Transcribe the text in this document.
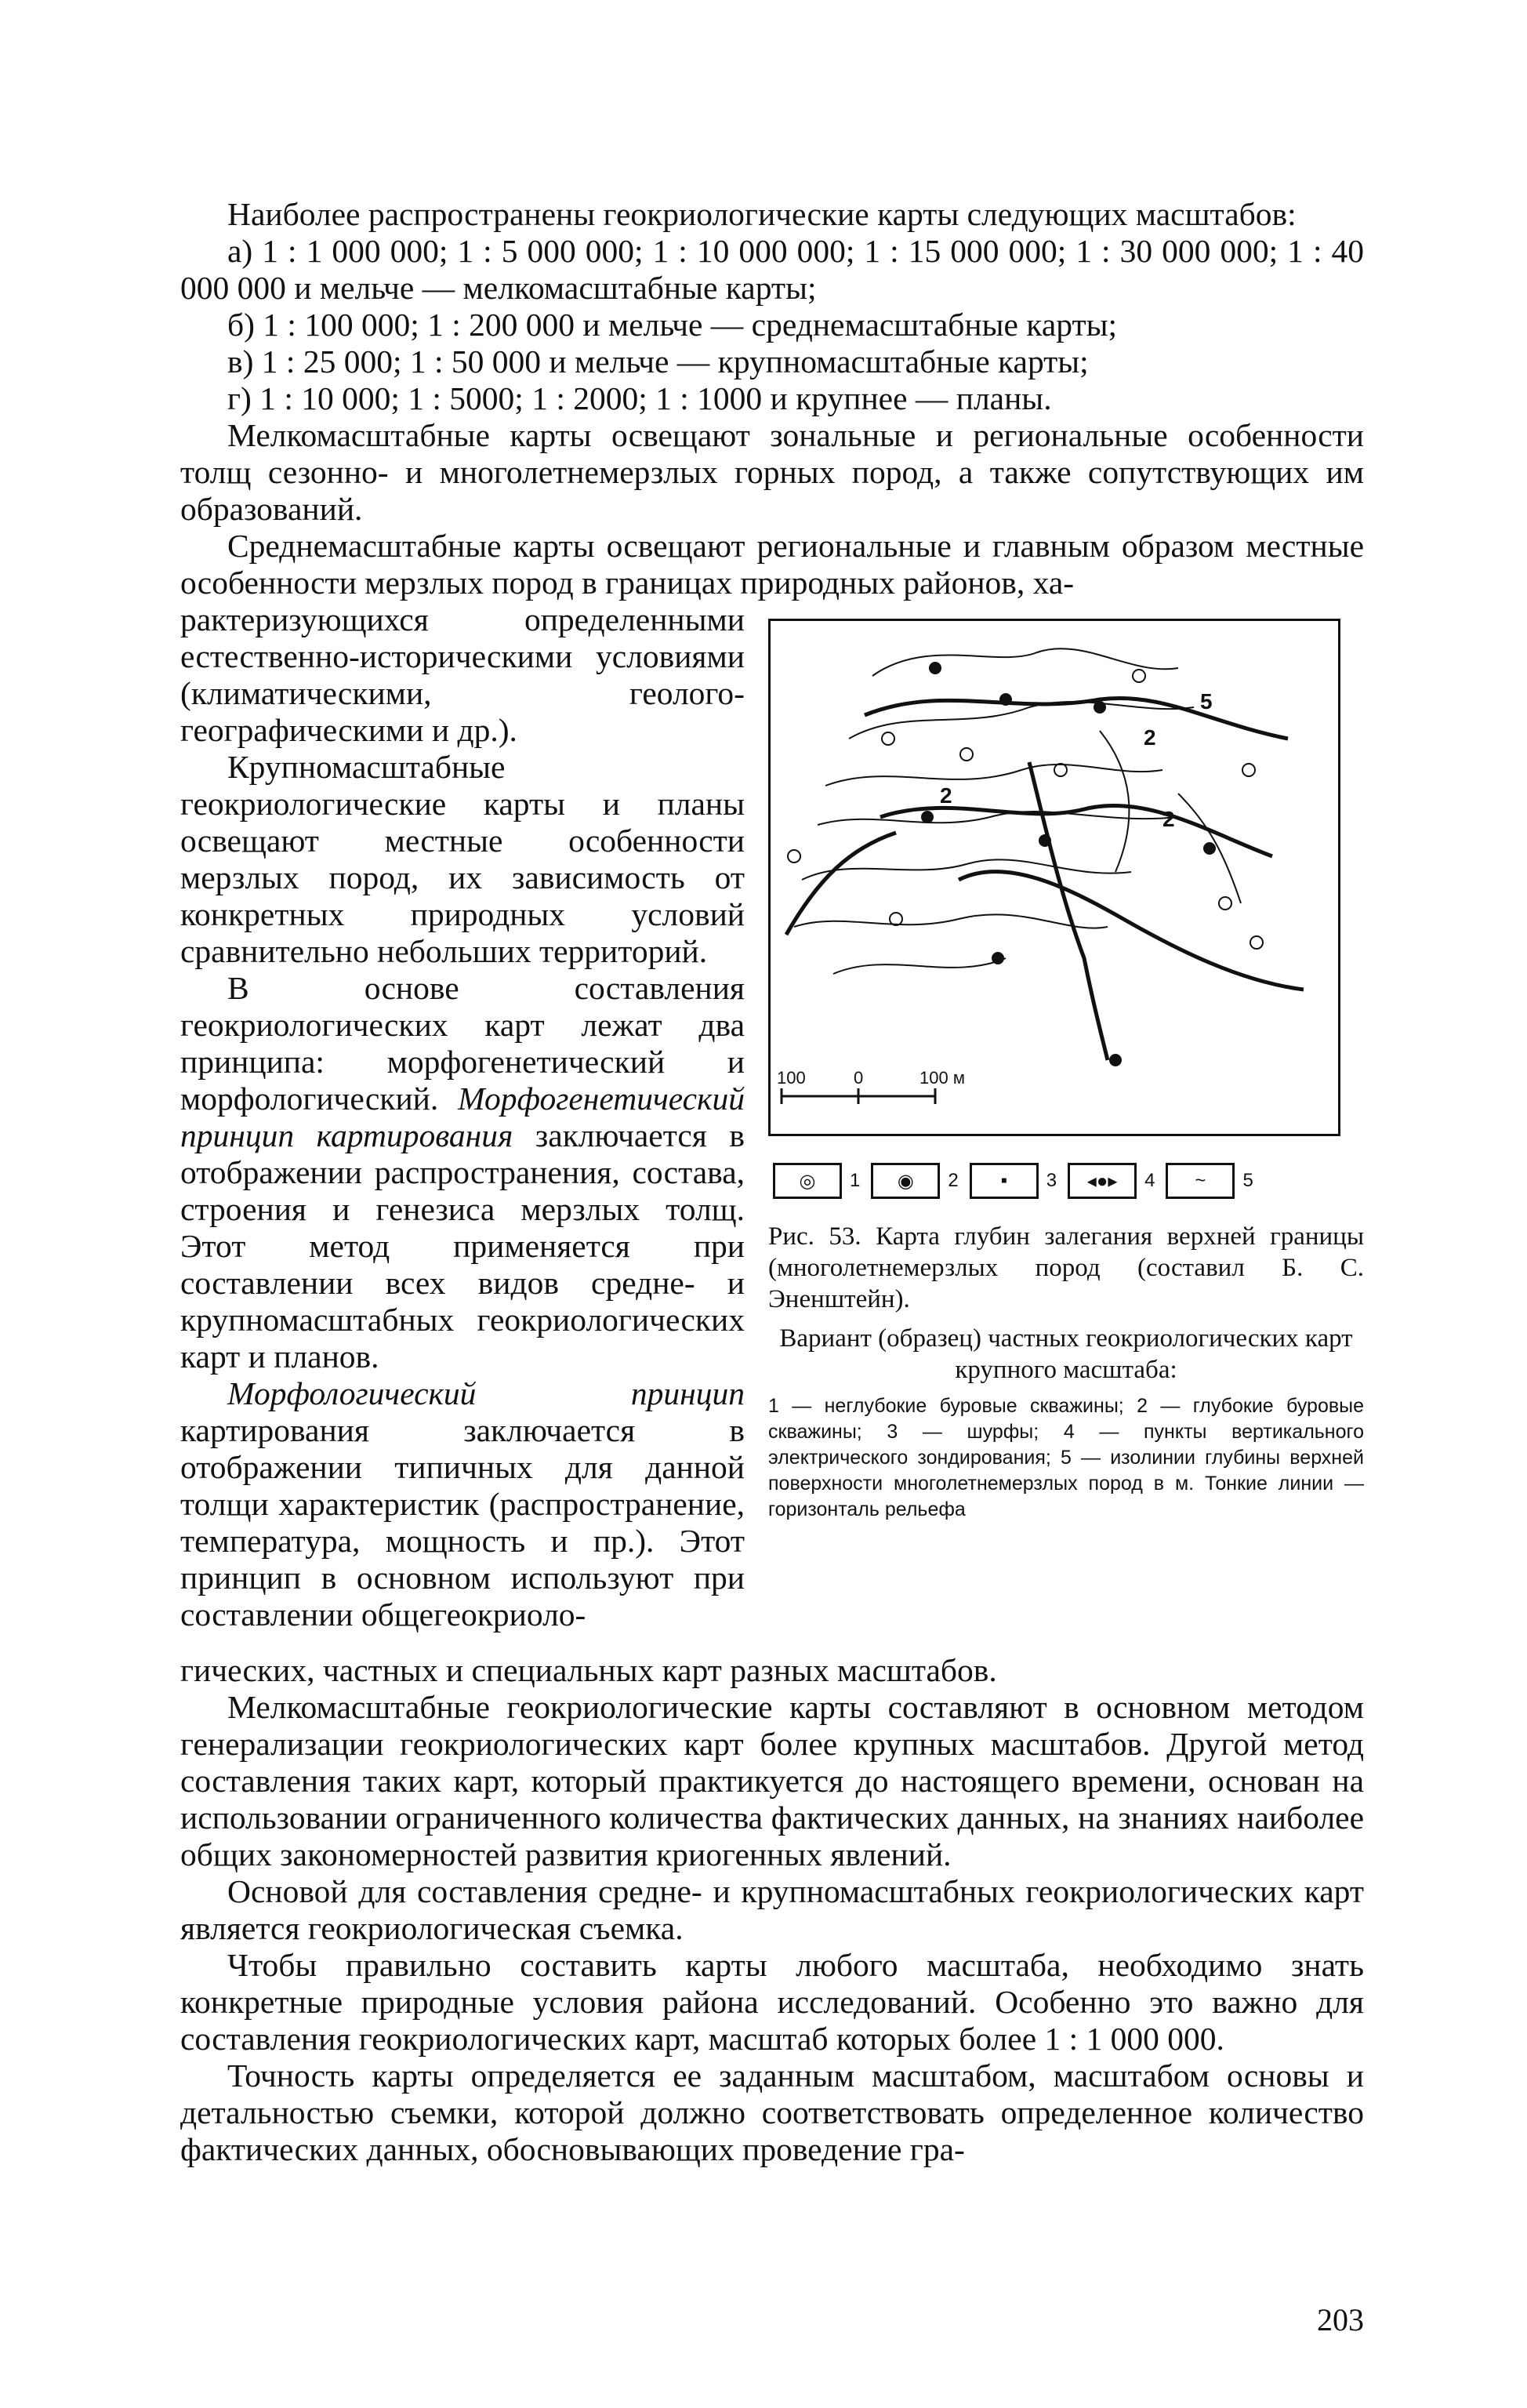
Наиболее распространены геокриологические карты следующих масштабов:

а) 1 : 1 000 000; 1 : 5 000 000; 1 : 10 000 000; 1 : 15 000 000; 1 : 30 000 000; 1 : 40 000 000 и мельче — мелкомасштабные карты;

б) 1 : 100 000; 1 : 200 000 и мельче — среднемасштабные карты;

в) 1 : 25 000; 1 : 50 000 и мельче — крупномасштабные карты;

г) 1 : 10 000; 1 : 5000; 1 : 2000; 1 : 1000 и крупнее — планы.

Мелкомасштабные карты освещают зональные и региональные особенности толщ сезонно- и многолетнемерзлых горных пород, а также сопутствующих им образований.

Среднемасштабные карты освещают региональные и главным образом местные особенности мерзлых пород в границах природных районов, ха-

рактеризующихся определенными естественно-историческими условиями (климатическими, геолого-географическими и др.).

Крупномасштабные геокриологические карты и планы освещают местные особенности мерзлых пород, их зависимость от конкретных природных условий сравнительно небольших территорий.

В основе составления геокриологических карт лежат два принципа: морфогенетический и морфологический. Морфогенетический принцип картирования заключается в отображении распространения, состава, строения и генезиса мерзлых толщ. Этот метод применяется при составлении всех видов средне- и крупномасштабных геокриологических карт и планов.

Морфологический принцип картирования заключается в отображении типичных для данной толщи характеристик (распространение, температура, мощность и пр.). Этот принцип в основном используют при составлении общегеокриоло-

2
2
2
5
100	0	100 м
◎	1	◉	2	▪	3	◂●▸	4	~	5

Рис. 53. Карта глубин залегания верхней границы (многолетнемерзлых пород (составил Б. С. Эненштейн).

Вариант (образец) частных геокриологических карт крупного масштаба:

1 — неглубокие буровые скважины; 2 — глубокие буровые скважины; 3 — шурфы; 4 — пункты вертикального электрического зондирования; 5 — изолинии глубины верхней поверхности многолетнемерзлых пород в м. Тонкие линии — горизонталь рельефа

гических, частных и специальных карт разных масштабов.

Мелкомасштабные геокриологические карты составляют в основном методом генерализации геокриологических карт более крупных масштабов. Другой метод составления таких карт, который практикуется до настоящего времени, основан на использовании ограниченного количества фактических данных, на знаниях наиболее общих закономерностей развития криогенных явлений.

Основой для составления средне- и крупномасштабных геокриологических карт является геокриологическая съемка.

Чтобы правильно составить карты любого масштаба, необходимо знать конкретные природные условия района исследований. Особенно это важно для составления геокриологических карт, масштаб которых более 1 : 1 000 000.

Точность карты определяется ее заданным масштабом, масштабом основы и детальностью съемки, которой должно соответствовать определенное количество фактических данных, обосновывающих проведение гра-

203
